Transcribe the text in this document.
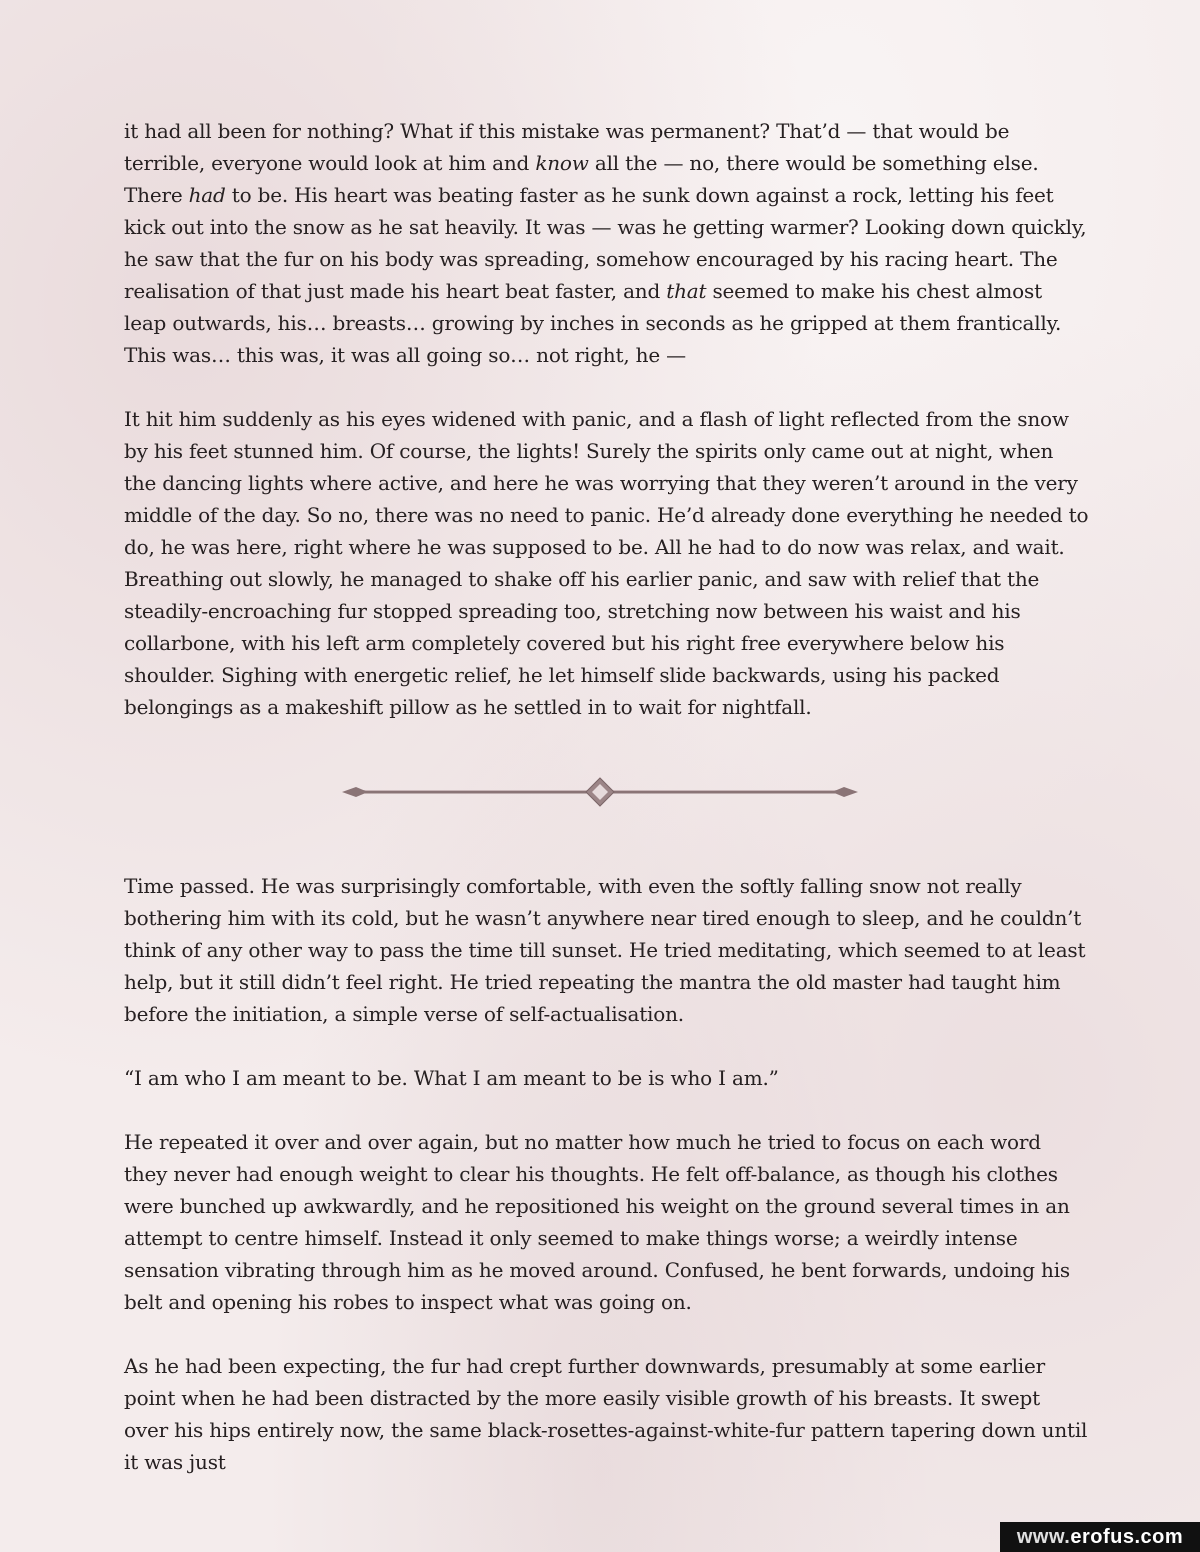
it had all been for nothing? What if this mistake was permanent? That’d — that would be terrible, everyone would look at him and know all the — no, there would be something else. There had to be. His heart was beating faster as he sunk down against a rock, letting his feet kick out into the snow as he sat heavily. It was — was he getting warmer? Looking down quickly, he saw that the fur on his body was spreading, somehow encouraged by his racing heart. The realisation of that just made his heart beat faster, and that seemed to make his chest almost leap outwards, his… breasts… growing by inches in seconds as he gripped at them frantically. This was… this was, it was all going so… not right, he —

It hit him suddenly as his eyes widened with panic, and a flash of light reflected from the snow by his feet stunned him. Of course, the lights! Surely the spirits only came out at night, when the dancing lights where active, and here he was worrying that they weren’t around in the very middle of the day. So no, there was no need to panic. He’d already done everything he needed to do, he was here, right where he was supposed to be. All he had to do now was relax, and wait. Breathing out slowly, he managed to shake off his earlier panic, and saw with relief that the steadily-encroaching fur stopped spreading too, stretching now between his waist and his collarbone, with his left arm completely covered but his right free everywhere below his shoulder. Sighing with energetic relief, he let himself slide backwards, using his packed belongings as a makeshift pillow as he settled in to wait for nightfall.

Time passed. He was surprisingly comfortable, with even the softly falling snow not really bothering him with its cold, but he wasn’t anywhere near tired enough to sleep, and he couldn’t think of any other way to pass the time till sunset. He tried meditating, which seemed to at least help, but it still didn’t feel right. He tried repeating the mantra the old master had taught him before the initiation, a simple verse of self-actualisation.

“I am who I am meant to be. What I am meant to be is who I am.”

He repeated it over and over again, but no matter how much he tried to focus on each word they never had enough weight to clear his thoughts. He felt off-balance, as though his clothes were bunched up awkwardly, and he repositioned his weight on the ground several times in an attempt to centre himself. Instead it only seemed to make things worse; a weirdly intense sensation vibrating through him as he moved around. Confused, he bent forwards, undoing his belt and opening his robes to inspect what was going on.

As he had been expecting, the fur had crept further downwards, presumably at some earlier point when he had been distracted by the more easily visible growth of his breasts. It swept over his hips entirely now, the same black-rosettes-against-white-fur pattern tapering down until it was just

www.erofus.com
